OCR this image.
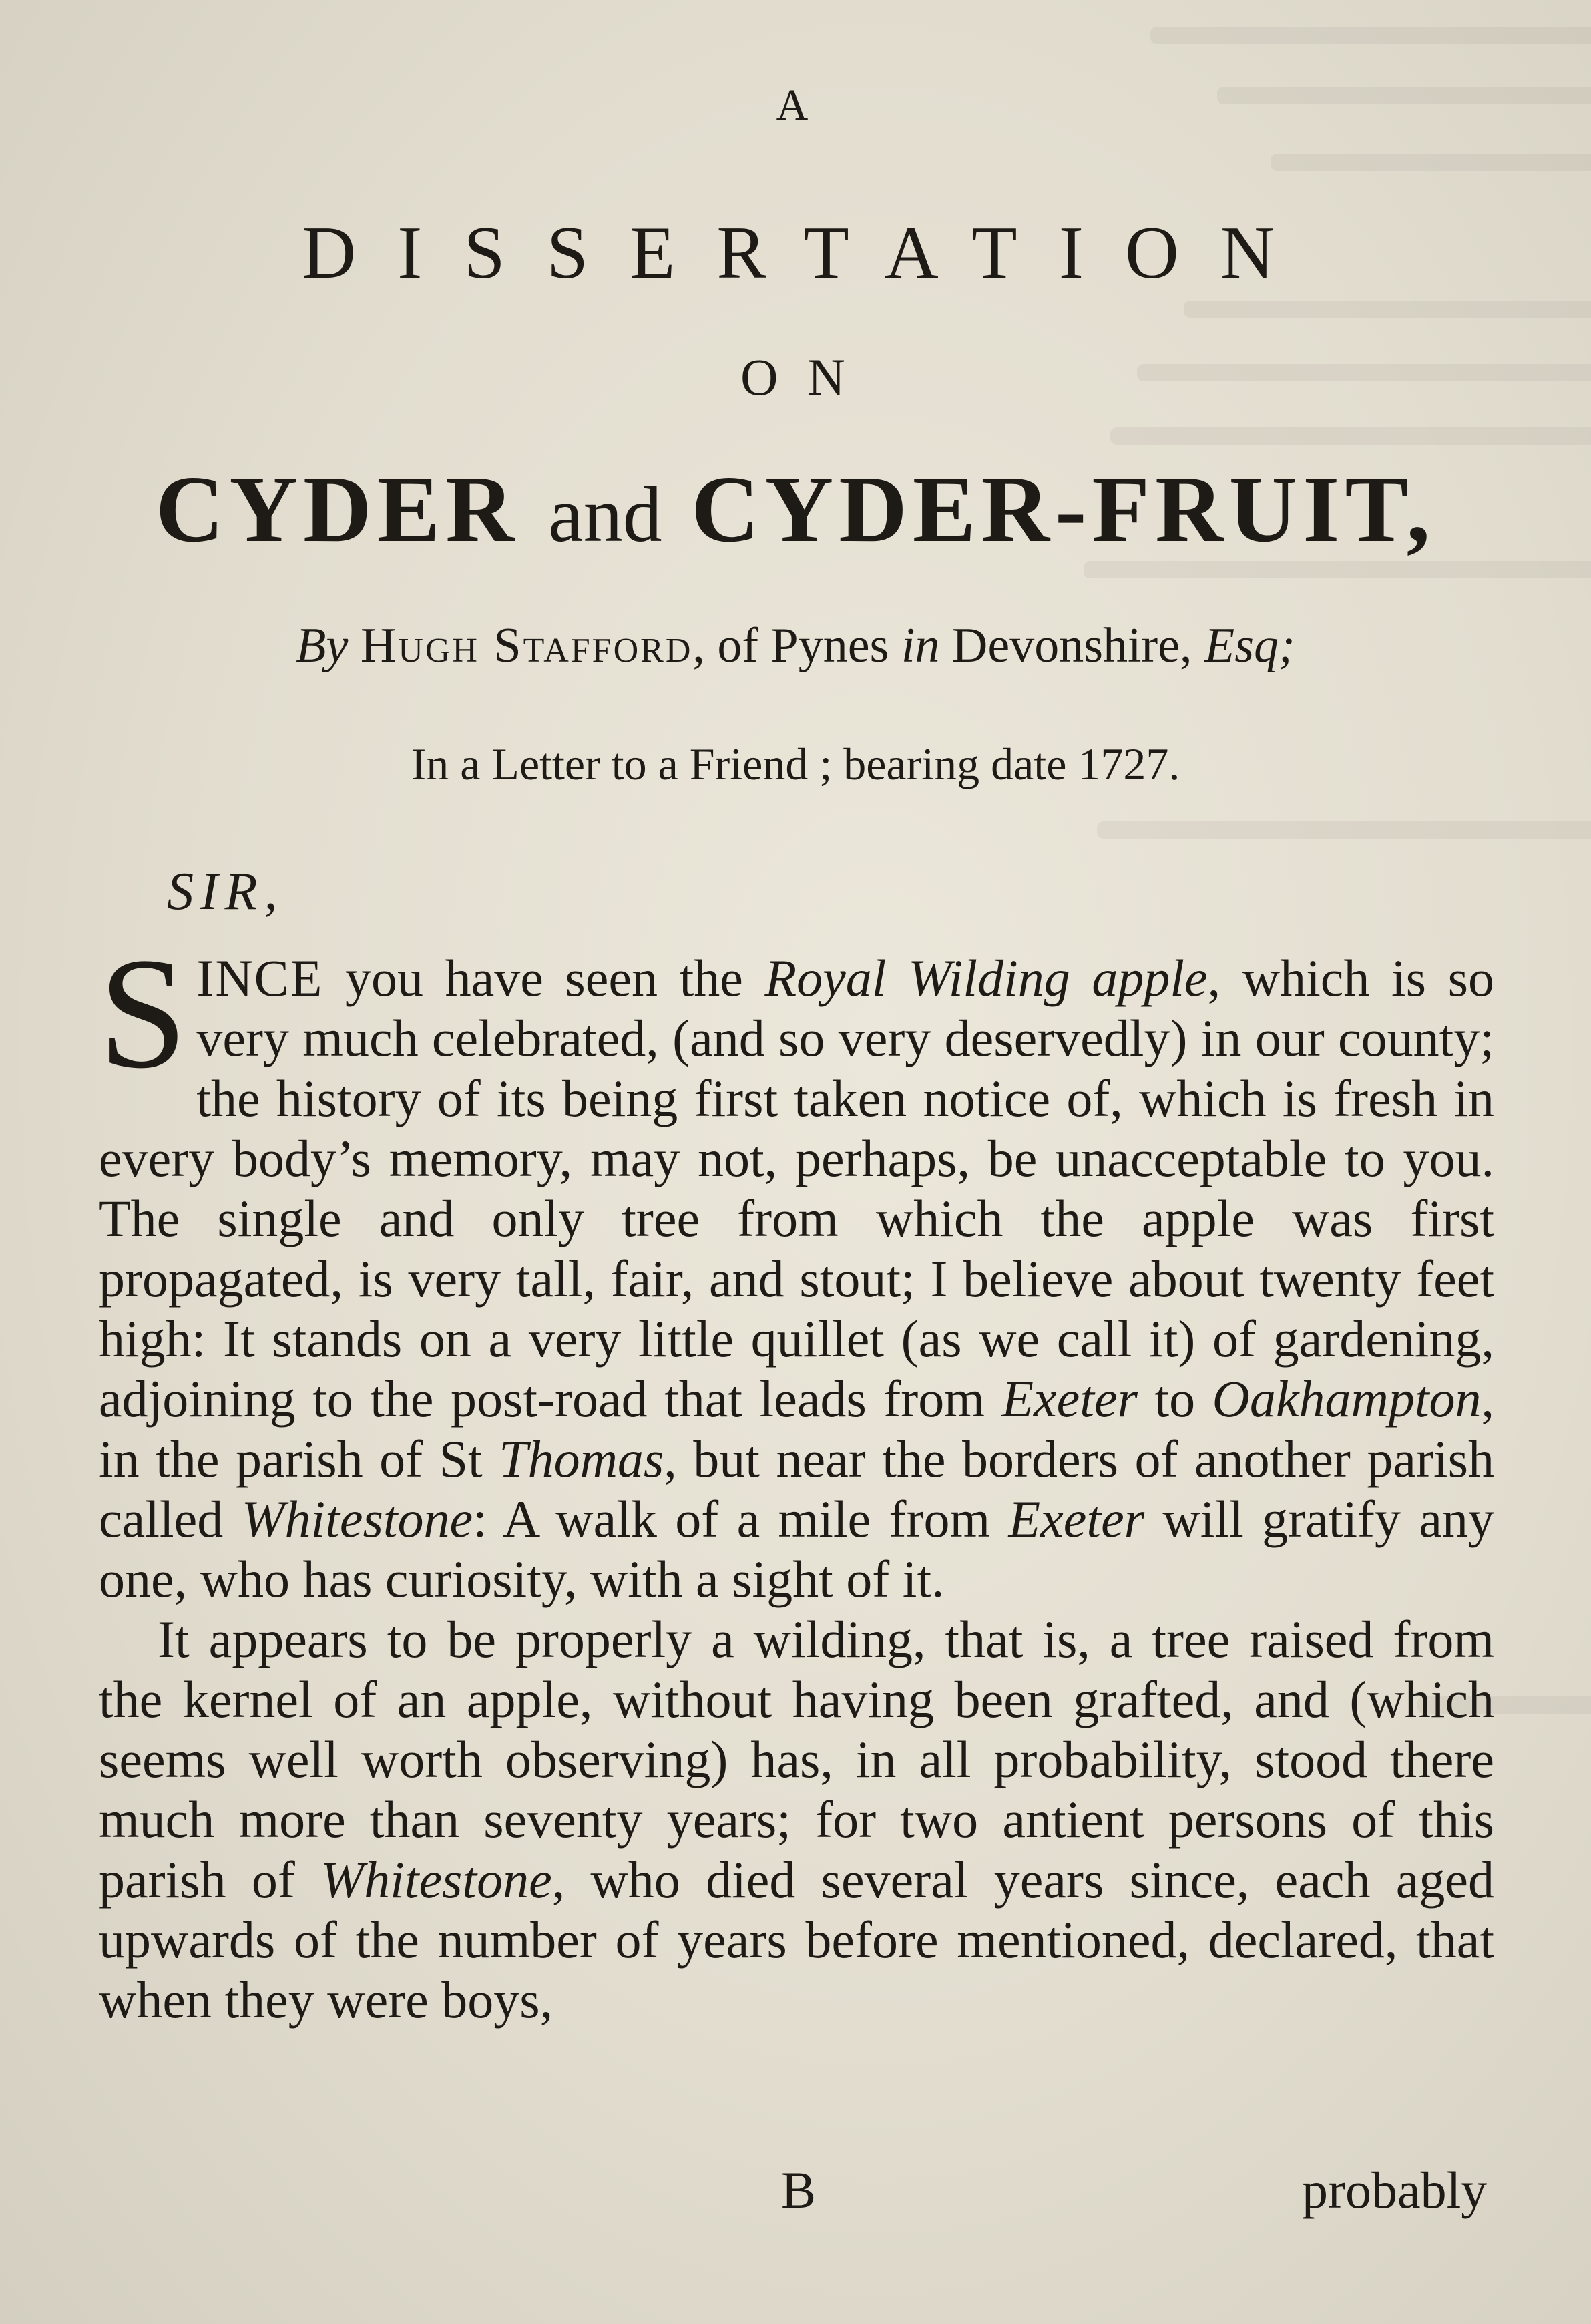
A
DISSERTATION
ON
CYDER and CYDER-FRUIT,
By Hugh Stafford, of Pynes in Devonshire, Esq;
In a Letter to a Friend ; bearing date 1727.
SIR,

SINCE you have seen the Royal Wilding apple, which is so very much celebrated, (and so very deservedly) in our county; the history of its being first taken notice of, which is fresh in every body’s memory, may not, perhaps, be unacceptable to you. The single and only tree from which the apple was first propagated, is very tall, fair, and stout; I believe about twenty feet high: It stands on a very little quillet (as we call it) of gardening, adjoining to the post-road that leads from Exeter to Oakhampton, in the parish of St Thomas, but near the borders of another parish called Whitestone: A walk of a mile from Exeter will gratify any one, who has curiosity, with a sight of it.

It appears to be properly a wilding, that is, a tree raised from the kernel of an apple, without having been grafted, and (which seems well worth observing) has, in all probability, stood there much more than seventy years; for two antient persons of this parish of Whitestone, who died several years since, each aged upwards of the number of years before mentioned, declared, that when they were boys,

B	probably
